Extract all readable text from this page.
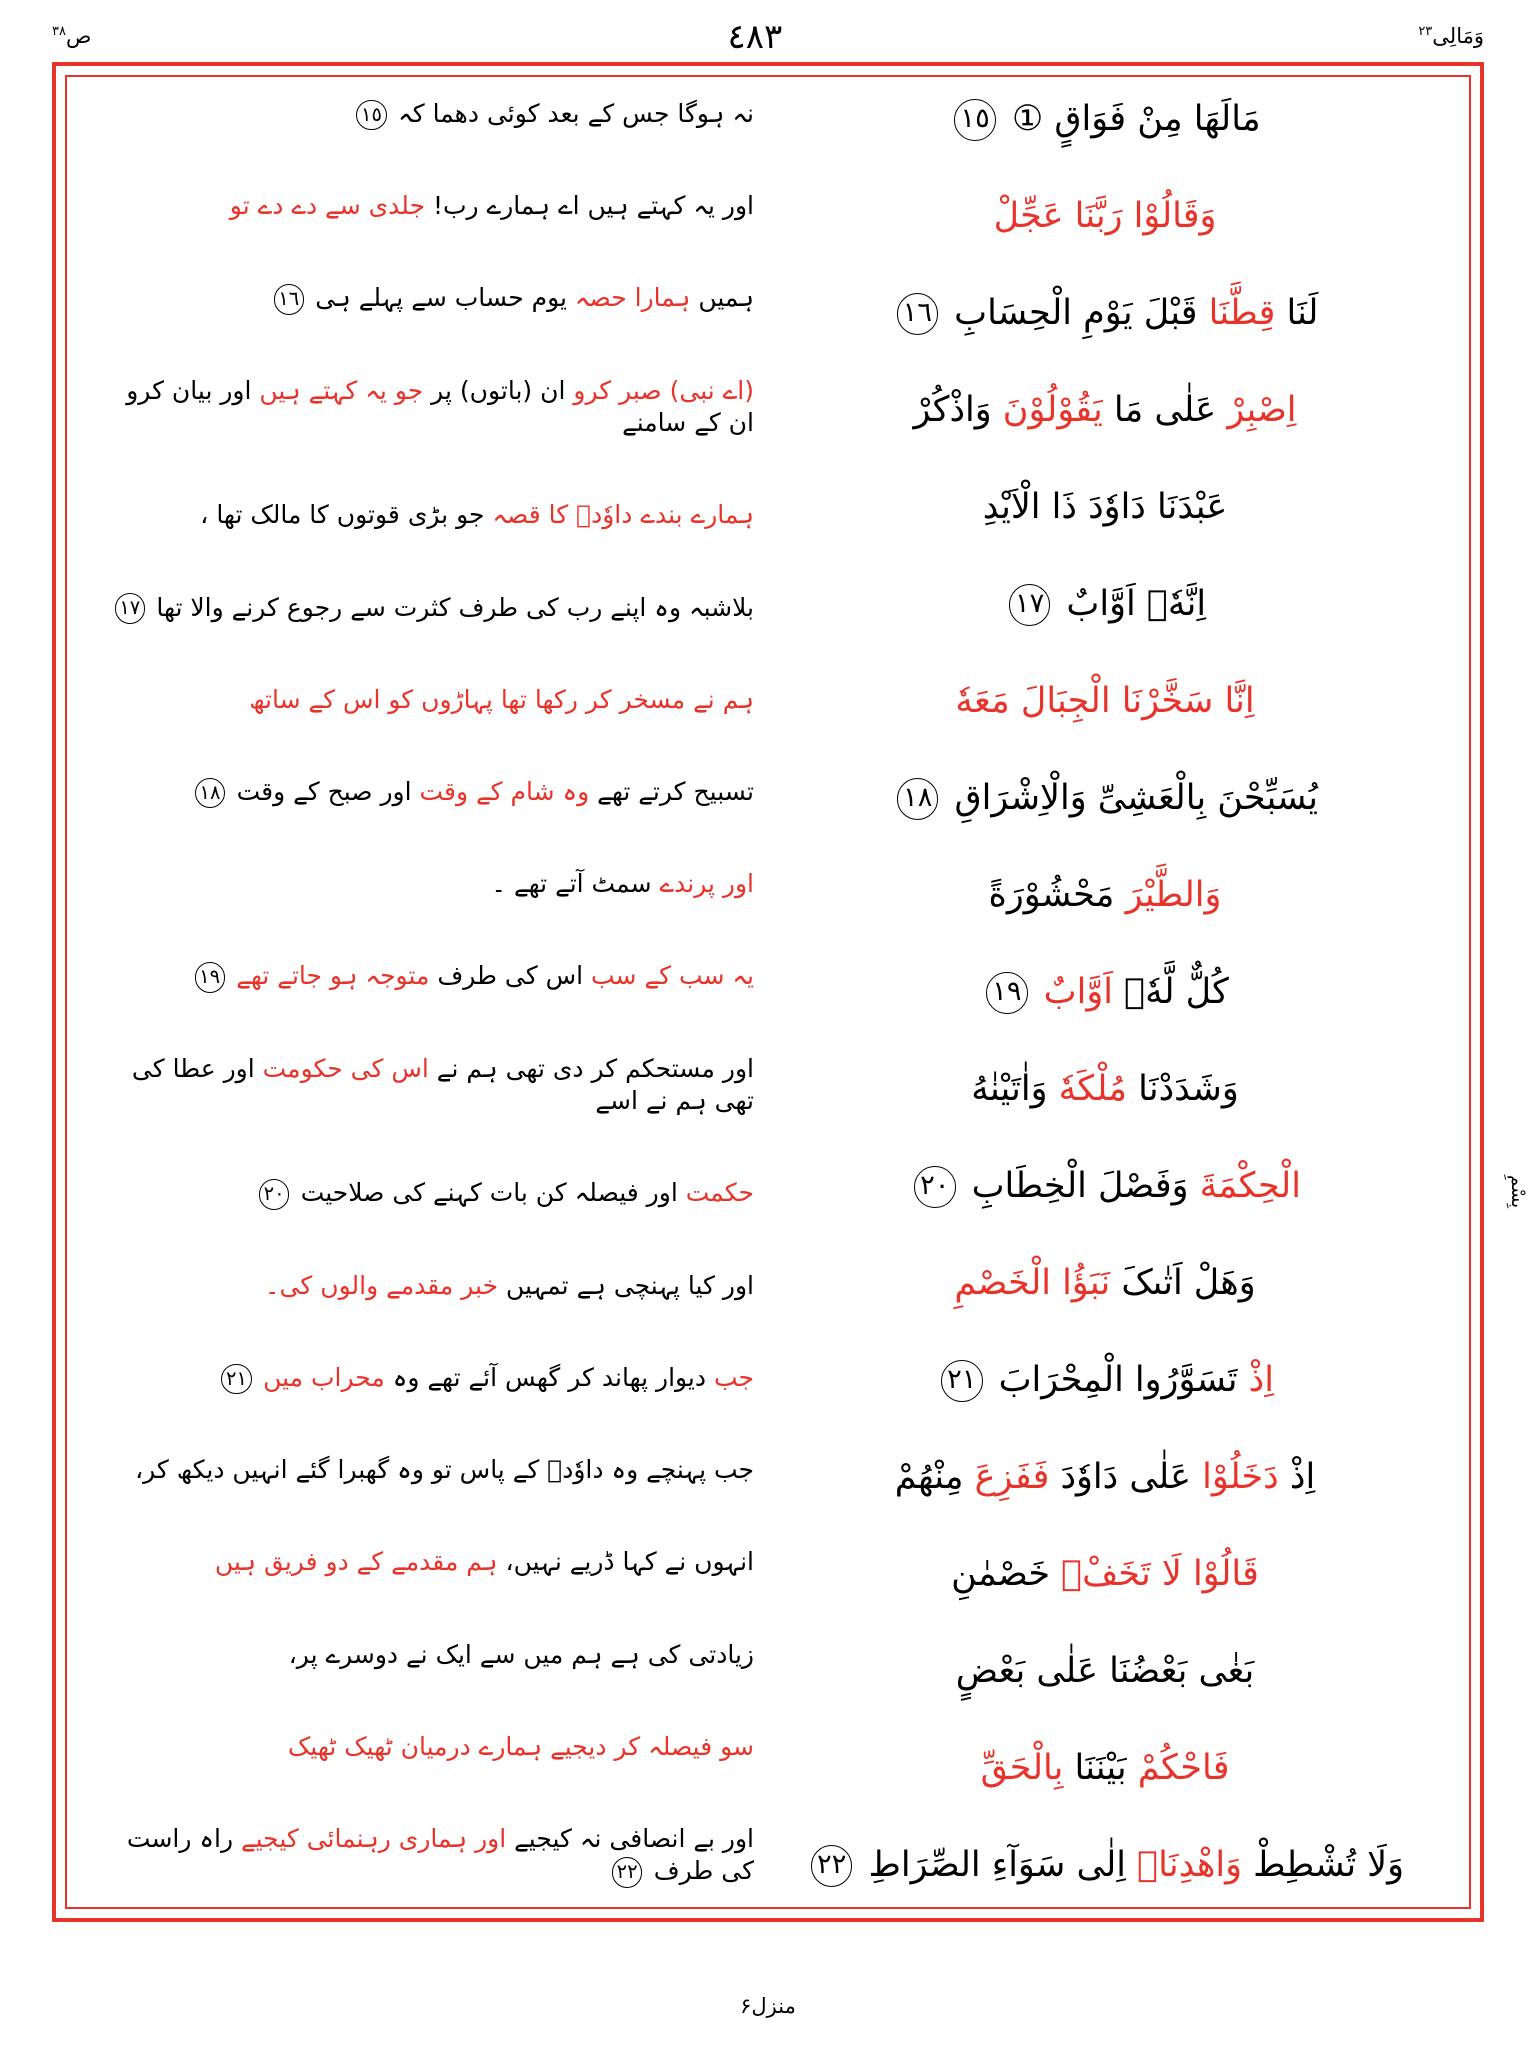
وَمَالِی$^{۲۳}$
٤٨٣
ص$^{۳۸}$
مَالَهَا مِنْ فَوَاقٍ ① ١٥
وَقَالُوْا رَبَّنَا عَجِّلْ
لَنَا قِطَّنَا قَبْلَ یَوْمِ الْحِسَابِ ١٦
اِصْبِرْ عَلٰی مَا یَقُوْلُوْنَ وَاذْکُرْ
عَبْدَنَا دَاوٗدَ ذَا الْاَیْدِ
اِنَّهٗۤ اَوَّابٌ ١٧
اِنَّا سَخَّرْنَا الْجِبَالَ مَعَهٗ
یُسَبِّحْنَ بِالْعَشِیِّ وَالْاِشْرَاقِ ١٨
وَالطَّیْرَ مَحْشُوْرَةً
کُلٌّ لَّهٗۤ اَوَّابٌ ١٩
وَشَدَدْنَا مُلْکَهٗ وَاٰتَیْنٰهُ
الْحِکْمَةَ وَفَصْلَ الْخِطَابِ ٢٠
وَهَلْ اَتٰىکَ نَبَؤُا الْخَصْمِ
اِذْ تَسَوَّرُوا الْمِحْرَابَ ٢١
اِذْ دَخَلُوْا عَلٰی دَاوٗدَ فَفَزِعَ مِنْهُمْ
قَالُوْا لَا تَخَفْۚ خَصْمٰنِ
بَغٰی بَعْضُنَا عَلٰی بَعْضٍ
فَاحْکُمْ بَیْنَنَا بِالْحَقِّ
وَلَا تُشْطِطْ وَاهْدِنَاۤ اِلٰی سَوَآءِ الصِّرَاطِ ٢٢
نہ ہوگا جس کے بعد کوئی دھما کہ ١٥
اور یہ کہتے ہیں اے ہمارے رب! جلدی سے دے دے تو
ہمیں ہمارا حصہ یوم حساب سے پہلے ہی ١٦
(اے نبی) صبر کرو ان (باتوں) پر جو یہ کہتے ہیں اور بیان کرو ان کے سامنے
ہمارے بندے داوٗدؑ کا قصہ جو بڑی قوتوں کا مالک تھا ،
بلاشبہ وہ اپنے رب کی طرف کثرت سے رجوع کرنے والا تھا ١٧
ہم نے مسخر کر رکھا تھا پہاڑوں کو اس کے ساتھ
تسبیح کرتے تھے وہ شام کے وقت اور صبح کے وقت ١٨
اور پرندے سمٹ آتے تھے ۔
یہ سب کے سب اس کی طرف متوجہ ہو جاتے تھے ١٩
اور مستحکم کر دی تھی ہم نے اس کی حکومت اور عطا کی تھی ہم نے اسے
حکمت اور فیصلہ کن بات کہنے کی صلاحیت ٢٠
اور کیا پہنچی ہے تمہیں خبر مقدمے والوں کی۔
جب دیوار پھاند کر گھس آئے تھے وہ محراب میں ٢١
جب پہنچے وہ داوٗدؑ کے پاس تو وہ گھبرا گئے انہیں دیکھ کر،
انہوں نے کہا ڈریے نہیں، ہم مقدمے کے دو فریق ہیں
زیادتی کی ہے ہم میں سے ایک نے دوسرے پر،
سو فیصلہ کر دیجیے ہمارے درمیان ٹھیک ٹھیک
اور بے انصافی نہ کیجیے اور ہماری رہنمائی کیجیے راہ راست کی طرف ٢٢
بِسْمِ
منزل۶
